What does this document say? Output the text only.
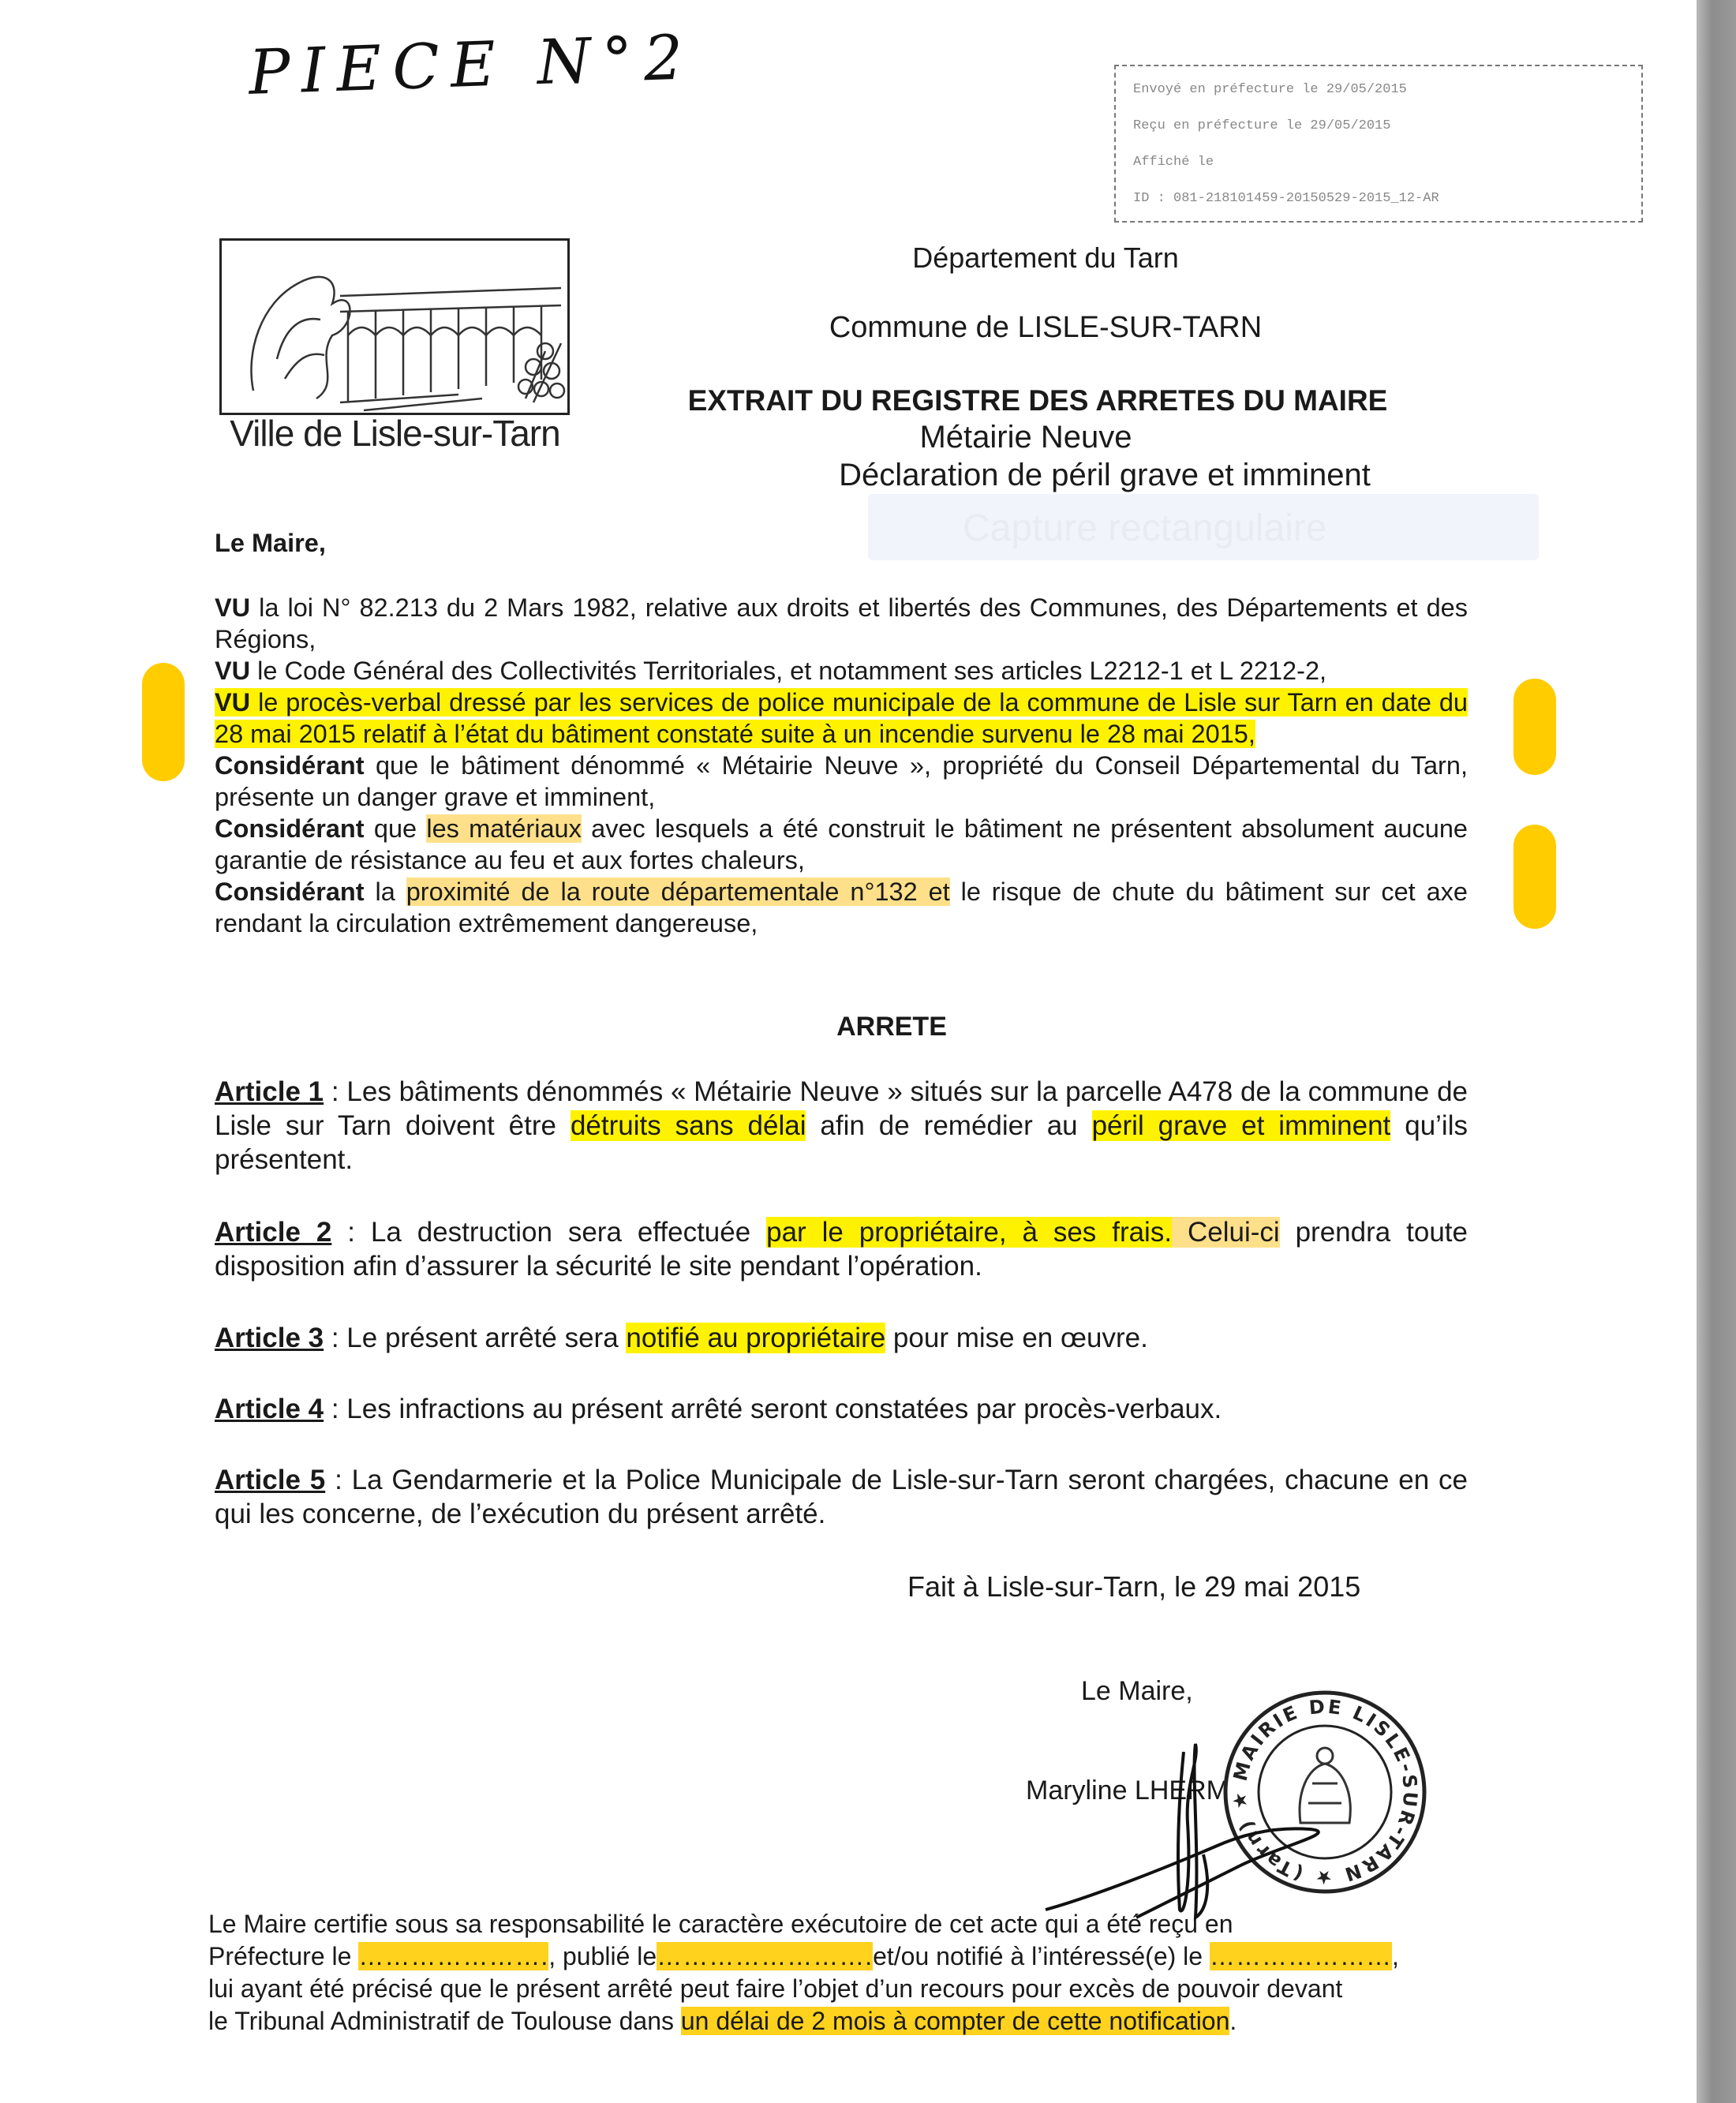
PIECE N°2	Envoyé en préfecture le 29/05/2015
Reçu en préfecture le 29/05/2015
Affiché le
ID : 081-218101459-20150529-2015_12-AR
Ville de Lisle-sur-Tarn
Département du Tarn
Commune de LISLE-SUR-TARN
EXTRAIT DU REGISTRE DES ARRETES DU MAIRE
Métairie Neuve
Déclaration de péril grave et imminent
Capture rectangulaire

Le Maire,

VU la loi N° 82.213 du 2 Mars 1982, relative aux droits et libertés des Communes, des Départements et des Régions,

VU le Code Général des Collectivités Territoriales, et notamment ses articles L2212-1 et L 2212-2,

VU le procès-verbal dressé par les services de police municipale de la commune de Lisle sur Tarn en date du 28 mai 2015 relatif à l’état du bâtiment constaté suite à un incendie survenu le 28 mai 2015,

Considérant que le bâtiment dénommé « Métairie Neuve », propriété du Conseil Départemental du Tarn, présente un danger grave et imminent,

Considérant que les matériaux avec lesquels a été construit le bâtiment ne présentent absolument aucune garantie de résistance au feu et aux fortes chaleurs,

Considérant la proximité de la route départementale n°132 et le risque de chute du bâtiment sur cet axe rendant la circulation extrêmement dangereuse,

ARRETE

Article 1 : Les bâtiments dénommés « Métairie Neuve » situés sur la parcelle A478 de la commune de Lisle sur Tarn doivent être détruits sans délai afin de remédier au péril grave et imminent qu’ils présentent.

Article 2 : La destruction sera effectuée par le propriétaire, à ses frais. Celui-ci prendra toute disposition afin d’assurer la sécurité le site pendant l’opération.

Article 3 : Le présent arrêté sera notifié au propriétaire pour mise en œuvre.

Article 4 : Les infractions au présent arrêté seront constatées par procès-verbaux.

Article 5 : La Gendarmerie et la Police Municipale de Lisle-sur-Tarn seront chargées, chacune en ce qui les concerne, de l’exécution du présent arrêté.

Fait à Lisle-sur-Tarn, le 29 mai 2015
Le Maire,
Maryline LHERM
MAIRIE DE LISLE-SUR-TARN ★ (Tarn) ★

Le Maire certifie sous sa responsabilité le caractère exécutoire de cet acte qui a été reçu en

Préfecture le …………………., publié le…………………….et/ou notifié à l’intéressé(e) le …………………,

lui ayant été précisé que le présent arrêté peut faire l’objet d’un recours pour excès de pouvoir devant

le Tribunal Administratif de Toulouse dans un délai de 2 mois à compter de cette notification.
